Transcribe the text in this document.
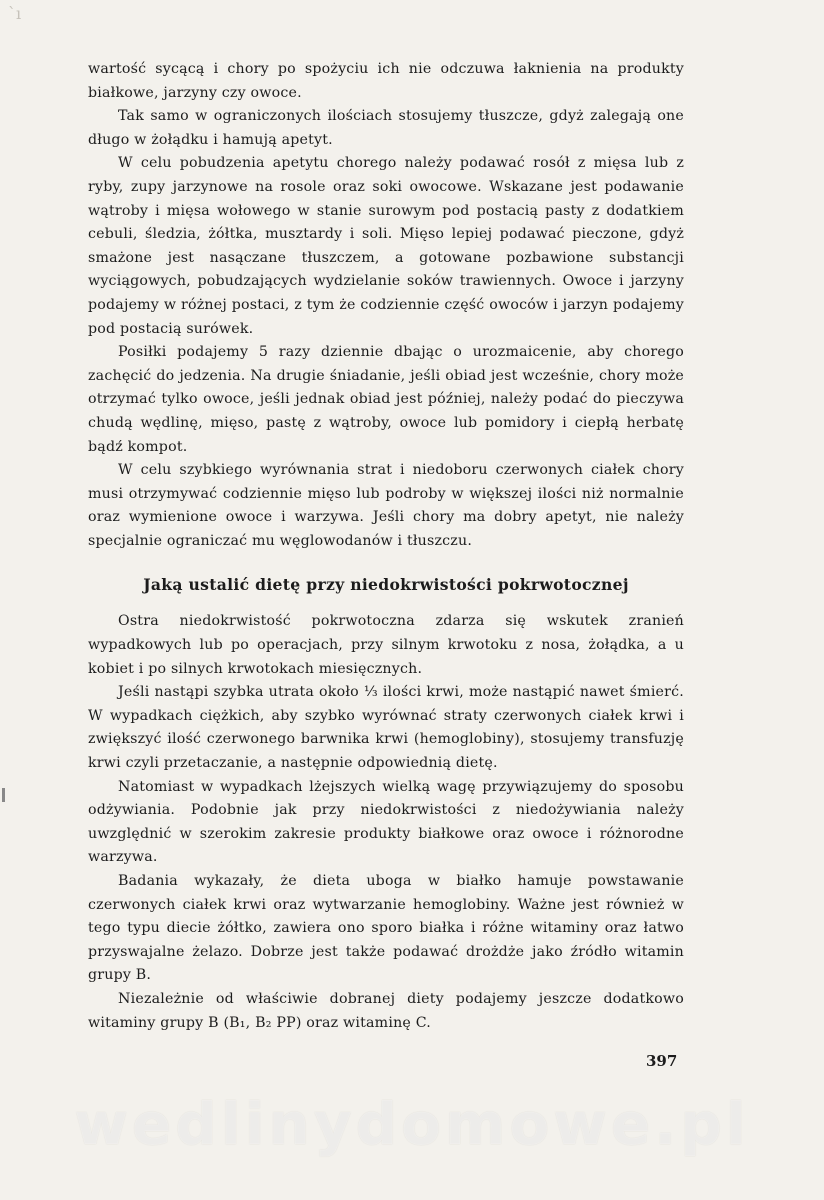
`ı

wartość sycącą i chory po spożyciu ich nie odczuwa łaknienia na produkty białkowe, jarzyny czy owoce.

Tak samo w ograniczonych ilościach stosujemy tłuszcze, gdyż zalegają one długo w żołądku i hamują apetyt.

W celu pobudzenia apetytu chorego należy podawać rosół z mięsa lub z ryby, zupy jarzynowe na rosole oraz soki owocowe. Wskazane jest podawanie wątroby i mięsa wołowego w stanie surowym pod postacią pasty z dodatkiem cebuli, śledzia, żółtka, musztardy i soli. Mięso lepiej podawać pieczone, gdyż smażone jest nasączane tłuszczem, a gotowane pozbawione substancji wyciągowych, pobudzających wydzielanie soków trawiennych. Owoce i jarzyny podajemy w różnej postaci, z tym że codziennie część owoców i jarzyn podajemy pod postacią surówek.

Posiłki podajemy 5 razy dziennie dbając o urozmaicenie, aby chorego zachęcić do jedzenia. Na drugie śniadanie, jeśli obiad jest wcześnie, chory może otrzymać tylko owoce, jeśli jednak obiad jest później, należy podać do pieczywa chudą wędlinę, mięso, pastę z wątroby, owoce lub pomidory i ciepłą herbatę bądź kompot.

W celu szybkiego wyrównania strat i niedoboru czerwonych ciałek chory musi otrzymywać codziennie mięso lub podroby w większej ilości niż normalnie oraz wymienione owoce i warzywa. Jeśli chory ma dobry apetyt, nie należy specjalnie ograniczać mu węglowodanów i tłuszczu.

Jaką ustalić dietę przy niedokrwistości pokrwotocznej

Ostra niedokrwistość pokrwotoczna zdarza się wskutek zranień wypadkowych lub po operacjach, przy silnym krwotoku z nosa, żołądka, a u kobiet i po silnych krwotokach miesięcznych.

Jeśli nastąpi szybka utrata około ⅓ ilości krwi, może nastąpić nawet śmierć. W wypadkach ciężkich, aby szybko wyrównać straty czerwonych ciałek krwi i zwiększyć ilość czerwonego barwnika krwi (hemoglobiny), stosujemy transfuzję krwi czyli przetaczanie, a następnie odpowiednią dietę.

Natomiast w wypadkach lżejszych wielką wagę przywiązujemy do sposobu odżywiania. Podobnie jak przy niedokrwistości z niedożywiania należy uwzględnić w szerokim zakresie produkty białkowe oraz owoce i różnorodne warzywa.

Badania wykazały, że dieta uboga w białko hamuje powstawanie czerwonych ciałek krwi oraz wytwarzanie hemoglobiny. Ważne jest również w tego typu diecie żółtko, zawiera ono sporo białka i różne witaminy oraz łatwo przyswajalne żelazo. Dobrze jest także podawać drożdże jako źródło witamin grupy B.

Niezależnie od właściwie dobranej diety podajemy jeszcze dodatkowo witaminy grupy B (B₁, B₂ PP) oraz witaminę C.

397
wedlinydomowe.pl
